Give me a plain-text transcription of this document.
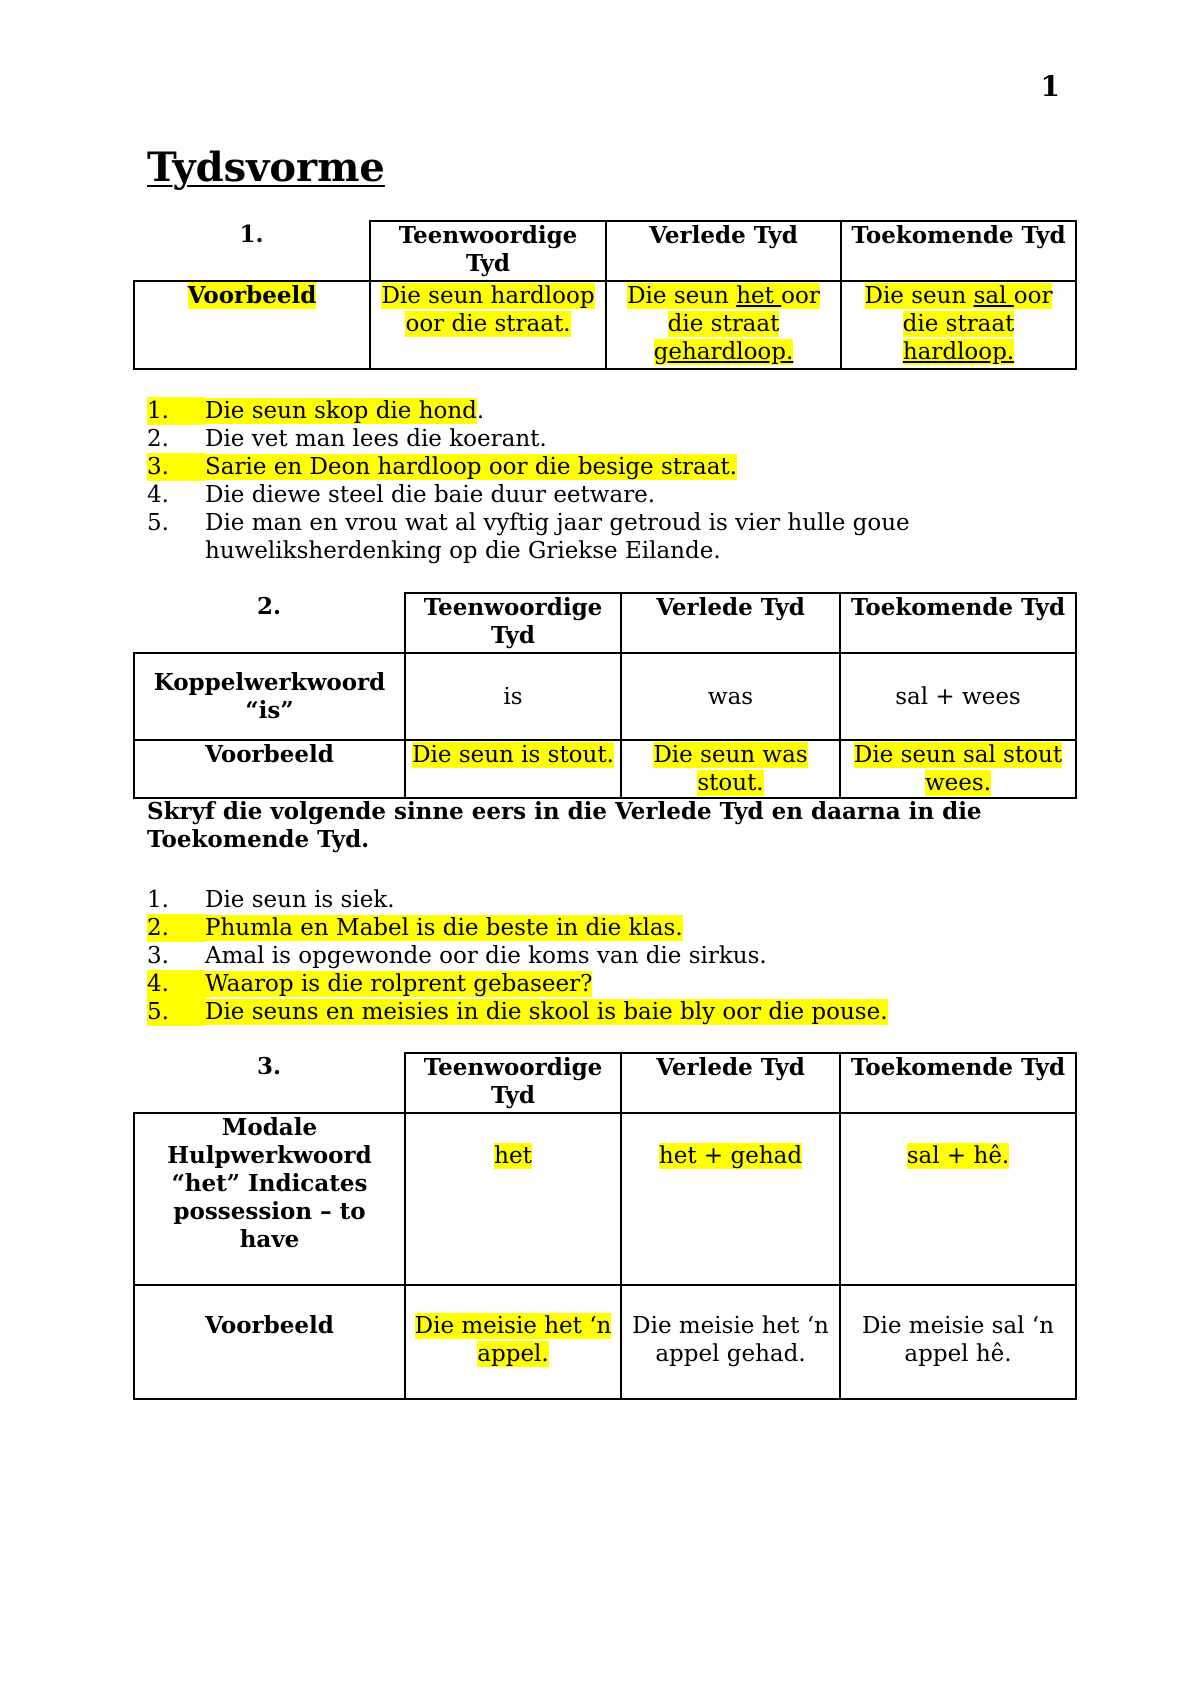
1
Tydsvorme
1.	Teenwoordige Tyd	Verlede Tyd	Toekomende Tyd
Voorbeeld	Die seun hardloop oor die straat.	Die seun het oor die straat gehardloop.	Die seun sal oor die straat hardloop.
1.	Die seun skop die hond.
2.	Die vet man lees die koerant.
3.	Sarie en Deon hardloop oor die besige straat.
4.	Die diewe steel die baie duur eetware.
5.	Die man en vrou wat al vyftig jaar getroud is vier hulle goue huweliksherdenking op die Griekse Eilande.
2.	Teenwoordige Tyd	Verlede Tyd	Toekomende Tyd
Koppelwerkwoord “is”	is	was	sal + wees
Voorbeeld	Die seun is stout.	Die seun was stout.	Die seun sal stout wees.

Skryf die volgende sinne eers in die Verlede Tyd en daarna in die Toekomende Tyd.

1.	Die seun is siek.
2.	Phumla en Mabel is die beste in die klas.
3.	Amal is opgewonde oor die koms van die sirkus.
4.	Waarop is die rolprent gebaseer?
5.	Die seuns en meisies in die skool is baie bly oor die pouse.
3.	Teenwoordige Tyd	Verlede Tyd	Toekomende Tyd
Modale Hulpwerkwoord “het” Indicates possession – to have	het	het + gehad	sal + hê.
Voorbeeld	Die meisie het ‘n appel.	Die meisie het ‘n appel gehad.	Die meisie sal ‘n appel hê.
